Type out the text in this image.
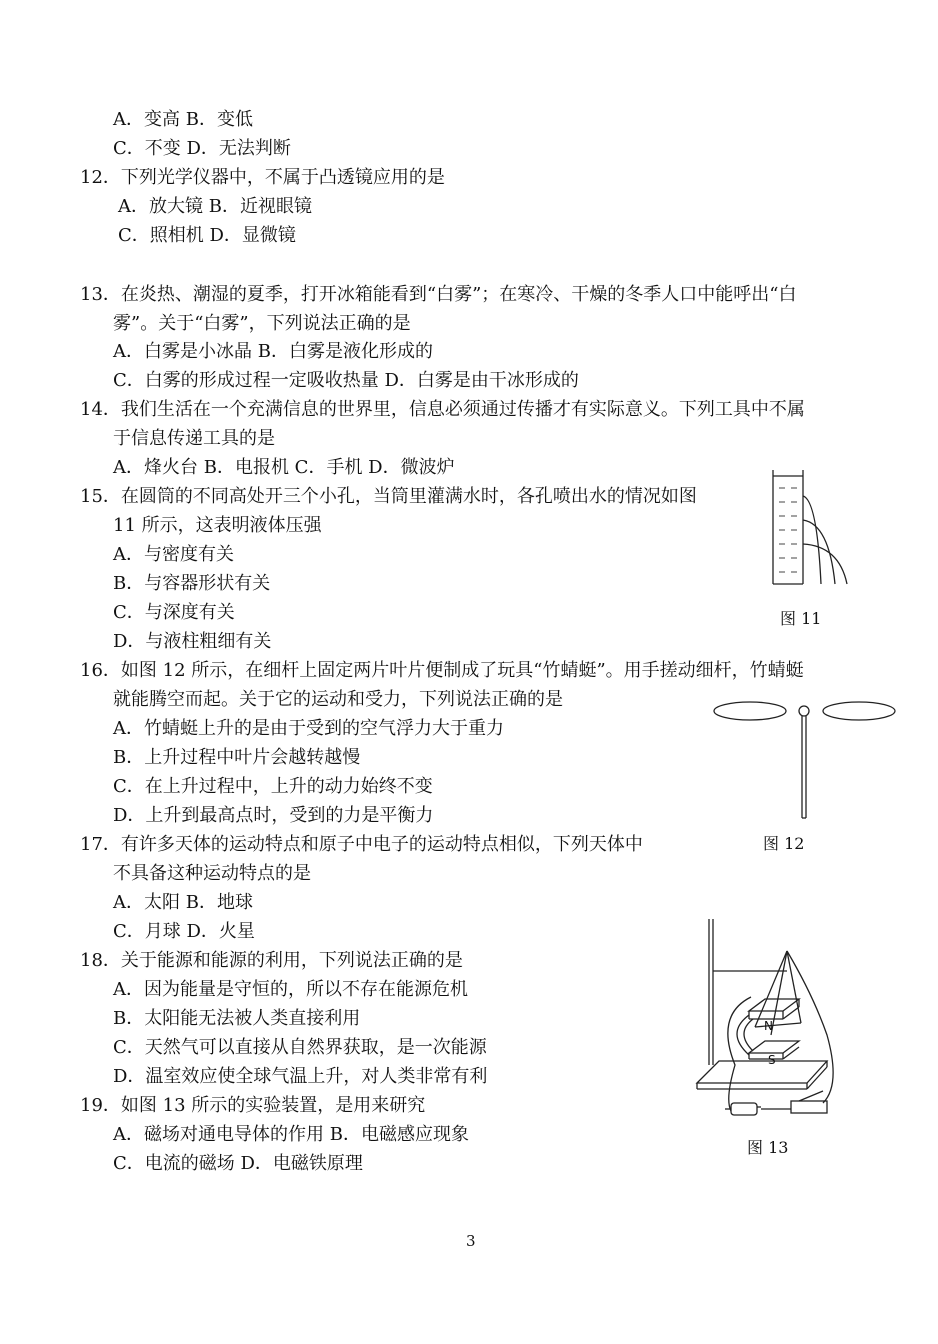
A．变高 B．变低
C．不变 D．无法判断
12．下列光学仪器中，不属于凸透镜应用的是
A．放大镜 B．近视眼镜
C．照相机 D．显微镜
13．在炎热、潮湿的夏季，打开冰箱能看到“白雾”；在寒冷、干燥的冬季人口中能呼出“白
雾”。关于“白雾”，下列说法正确的是
A．白雾是小冰晶 B．白雾是液化形成的
C．白雾的形成过程一定吸收热量 D．白雾是由干冰形成的
14．我们生活在一个充满信息的世界里，信息必须通过传播才有实际意义。下列工具中不属
于信息传递工具的是
A．烽火台 B．电报机 C．手机 D．微波炉
15．在圆筒的不同高处开三个小孔，当筒里灌满水时，各孔喷出水的情况如图
11 所示，这表明液体压强
A．与密度有关
B．与容器形状有关
C．与深度有关
D．与液柱粗细有关
16．如图 12 所示，在细杆上固定两片叶片便制成了玩具“竹蜻蜓”。用手搓动细杆，竹蜻蜓
就能腾空而起。关于它的运动和受力，下列说法正确的是
A．竹蜻蜓上升的是由于受到的空气浮力大于重力
B．上升过程中叶片会越转越慢
C．在上升过程中，上升的动力始终不变
D．上升到最高点时，受到的力是平衡力
17．有许多天体的运动特点和原子中电子的运动特点相似，下列天体中
不具备这种运动特点的是
A．太阳 B．地球
C．月球 D．火星
18．关于能源和能源的利用，下列说法正确的是
A．因为能量是守恒的，所以不存在能源危机
B．太阳能无法被人类直接利用
C．天然气可以直接从自然界获取，是一次能源
D．温室效应使全球气温上升，对人类非常有利
19．如图 13 所示的实验装置，是用来研究
A．磁场对通电导体的作用 B．电磁感应现象
C．电流的磁场 D．电磁铁原理
图 11
图 12
N
S
图 13
3
